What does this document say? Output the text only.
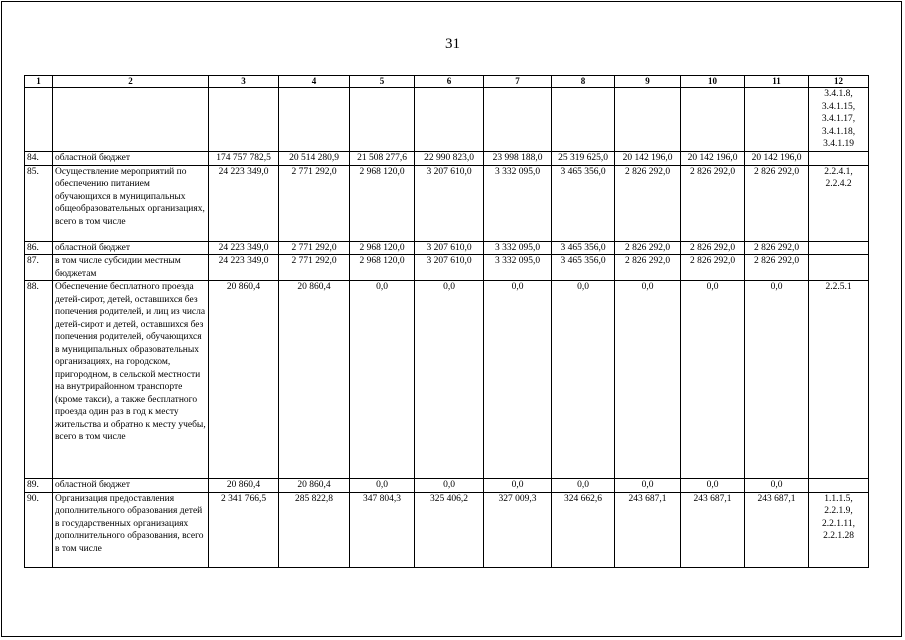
31
1	2	3	4	5	6	7	8	9	10	11	12
											3.4.1.8, 3.4.1.15, 3.4.1.17, 3.4.1.18, 3.4.1.19
84.	областной бюджет	174 757 782,5	20 514 280,9	21 508 277,6	22 990 823,0	23 998 188,0	25 319 625,0	20 142 196,0	20 142 196,0	20 142 196,0	
85.	Осуществление мероприятий по обеспечению питанием обучающихся в муниципальных общеобразовательных организациях, всего в том числе	24 223 349,0	2 771 292,0	2 968 120,0	3 207 610,0	3 332 095,0	3 465 356,0	2 826 292,0	2 826 292,0	2 826 292,0	2.2.4.1, 2.2.4.2
86.	областной бюджет	24 223 349,0	2 771 292,0	2 968 120,0	3 207 610,0	3 332 095,0	3 465 356,0	2 826 292,0	2 826 292,0	2 826 292,0	
87.	в том числе субсидии местным бюджетам	24 223 349,0	2 771 292,0	2 968 120,0	3 207 610,0	3 332 095,0	3 465 356,0	2 826 292,0	2 826 292,0	2 826 292,0	
88.	Обеспечение бесплатного проезда детей-сирот, детей, оставшихся без попечения родителей, и лиц из числа детей-сирот и детей, оставшихся без попечения родителей, обучающихся в муниципальных образовательных организациях, на городском, пригородном, в сельской местности на внутрирайонном транспорте (кроме такси), а также бесплатного проезда один раз в год к месту жительства и обратно к месту учебы, всего в том числе	20 860,4	20 860,4	0,0	0,0	0,0	0,0	0,0	0,0	0,0	2.2.5.1
89.	областной бюджет	20 860,4	20 860,4	0,0	0,0	0,0	0,0	0,0	0,0	0,0	
90.	Организация предоставления дополнительного образования детей в государственных организациях дополнительного образования, всего в том числе	2 341 766,5	285 822,8	347 804,3	325 406,2	327 009,3	324 662,6	243 687,1	243 687,1	243 687,1	1.1.1.5, 2.2.1.9, 2.2.1.11, 2.2.1.28
